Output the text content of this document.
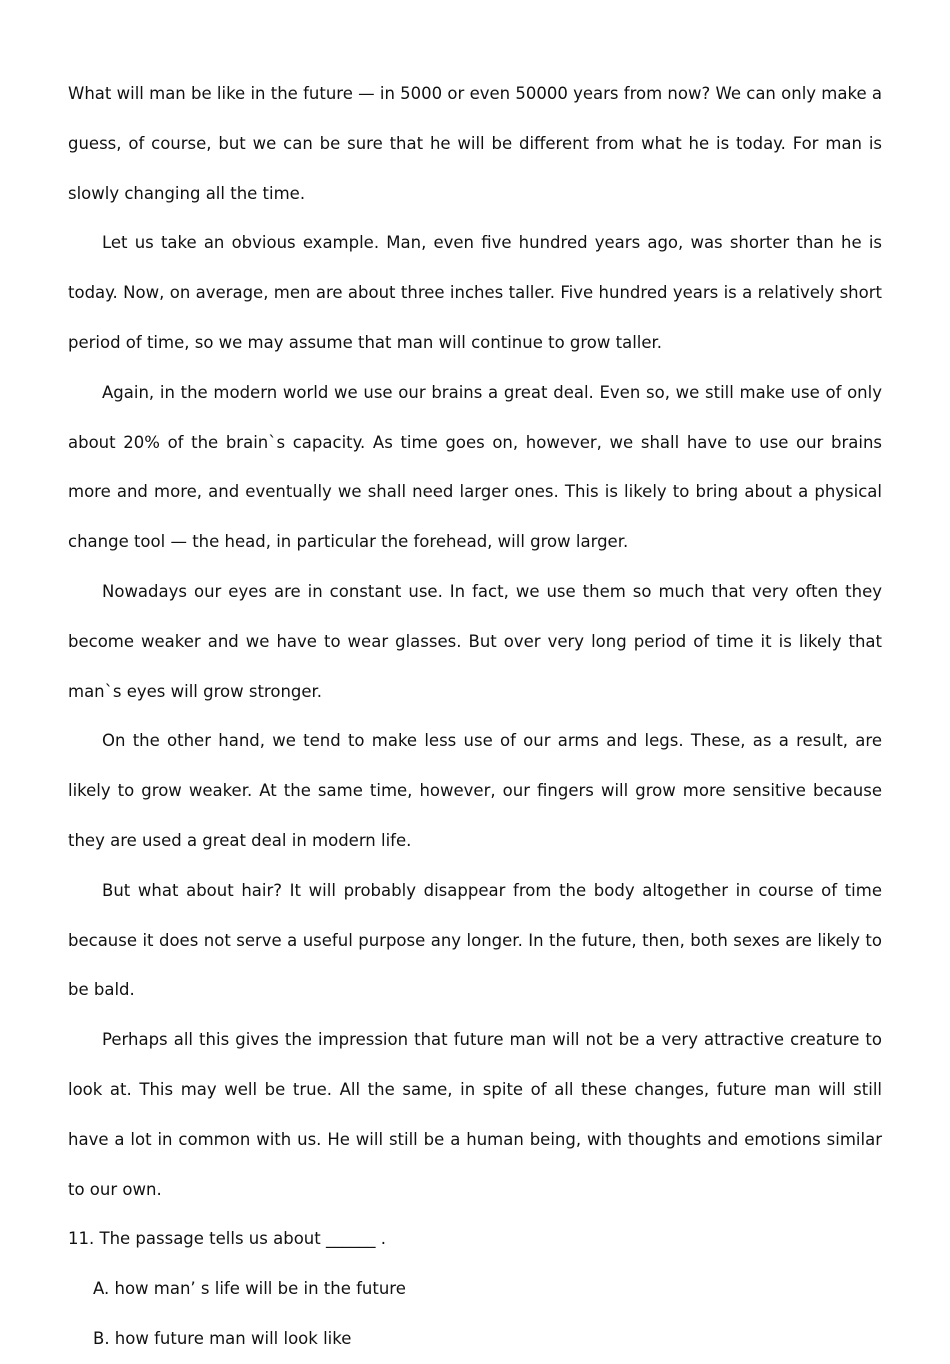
What will man be like in the future — in 5000 or even 50000 years from now? We can only make a guess, of course, but we can be sure that he will be different from what he is today. For man is slowly changing all the time.

Let us take an obvious example. Man, even five hundred years ago, was shorter than he is today. Now, on average, men are about three inches taller. Five hundred years is a relatively short period of time, so we may assume that man will continue to grow taller.

Again, in the modern world we use our brains a great deal. Even so, we still make use of only about 20% of the brain`s capacity. As time goes on, however, we shall have to use our brains more and more, and eventually we shall need larger ones. This is likely to bring about a physical change tool — the head, in particular the forehead, will grow larger.

Nowadays our eyes are in constant use. In fact, we use them so much that very often they become weaker and we have to wear glasses. But over very long period of time it is likely that man`s eyes will grow stronger.

On the other hand, we tend to make less use of our arms and legs. These, as a result, are likely to grow weaker. At the same time, however, our fingers will grow more sensitive because they are used a great deal in modern life.

But what about hair? It will probably disappear from the body altogether in course of time because it does not serve a useful purpose any longer. In the future, then, both sexes are likely to be bald.

Perhaps all this gives the impression that future man will not be a very attractive creature to look at. This may well be true. All the same, in spite of all these changes, future man will still have a lot in common with us. He will still be a human being, with thoughts and emotions similar to our own.

11. The passage tells us about ______ .

A. how man’ s life will be in the future

B. how future man will look like
